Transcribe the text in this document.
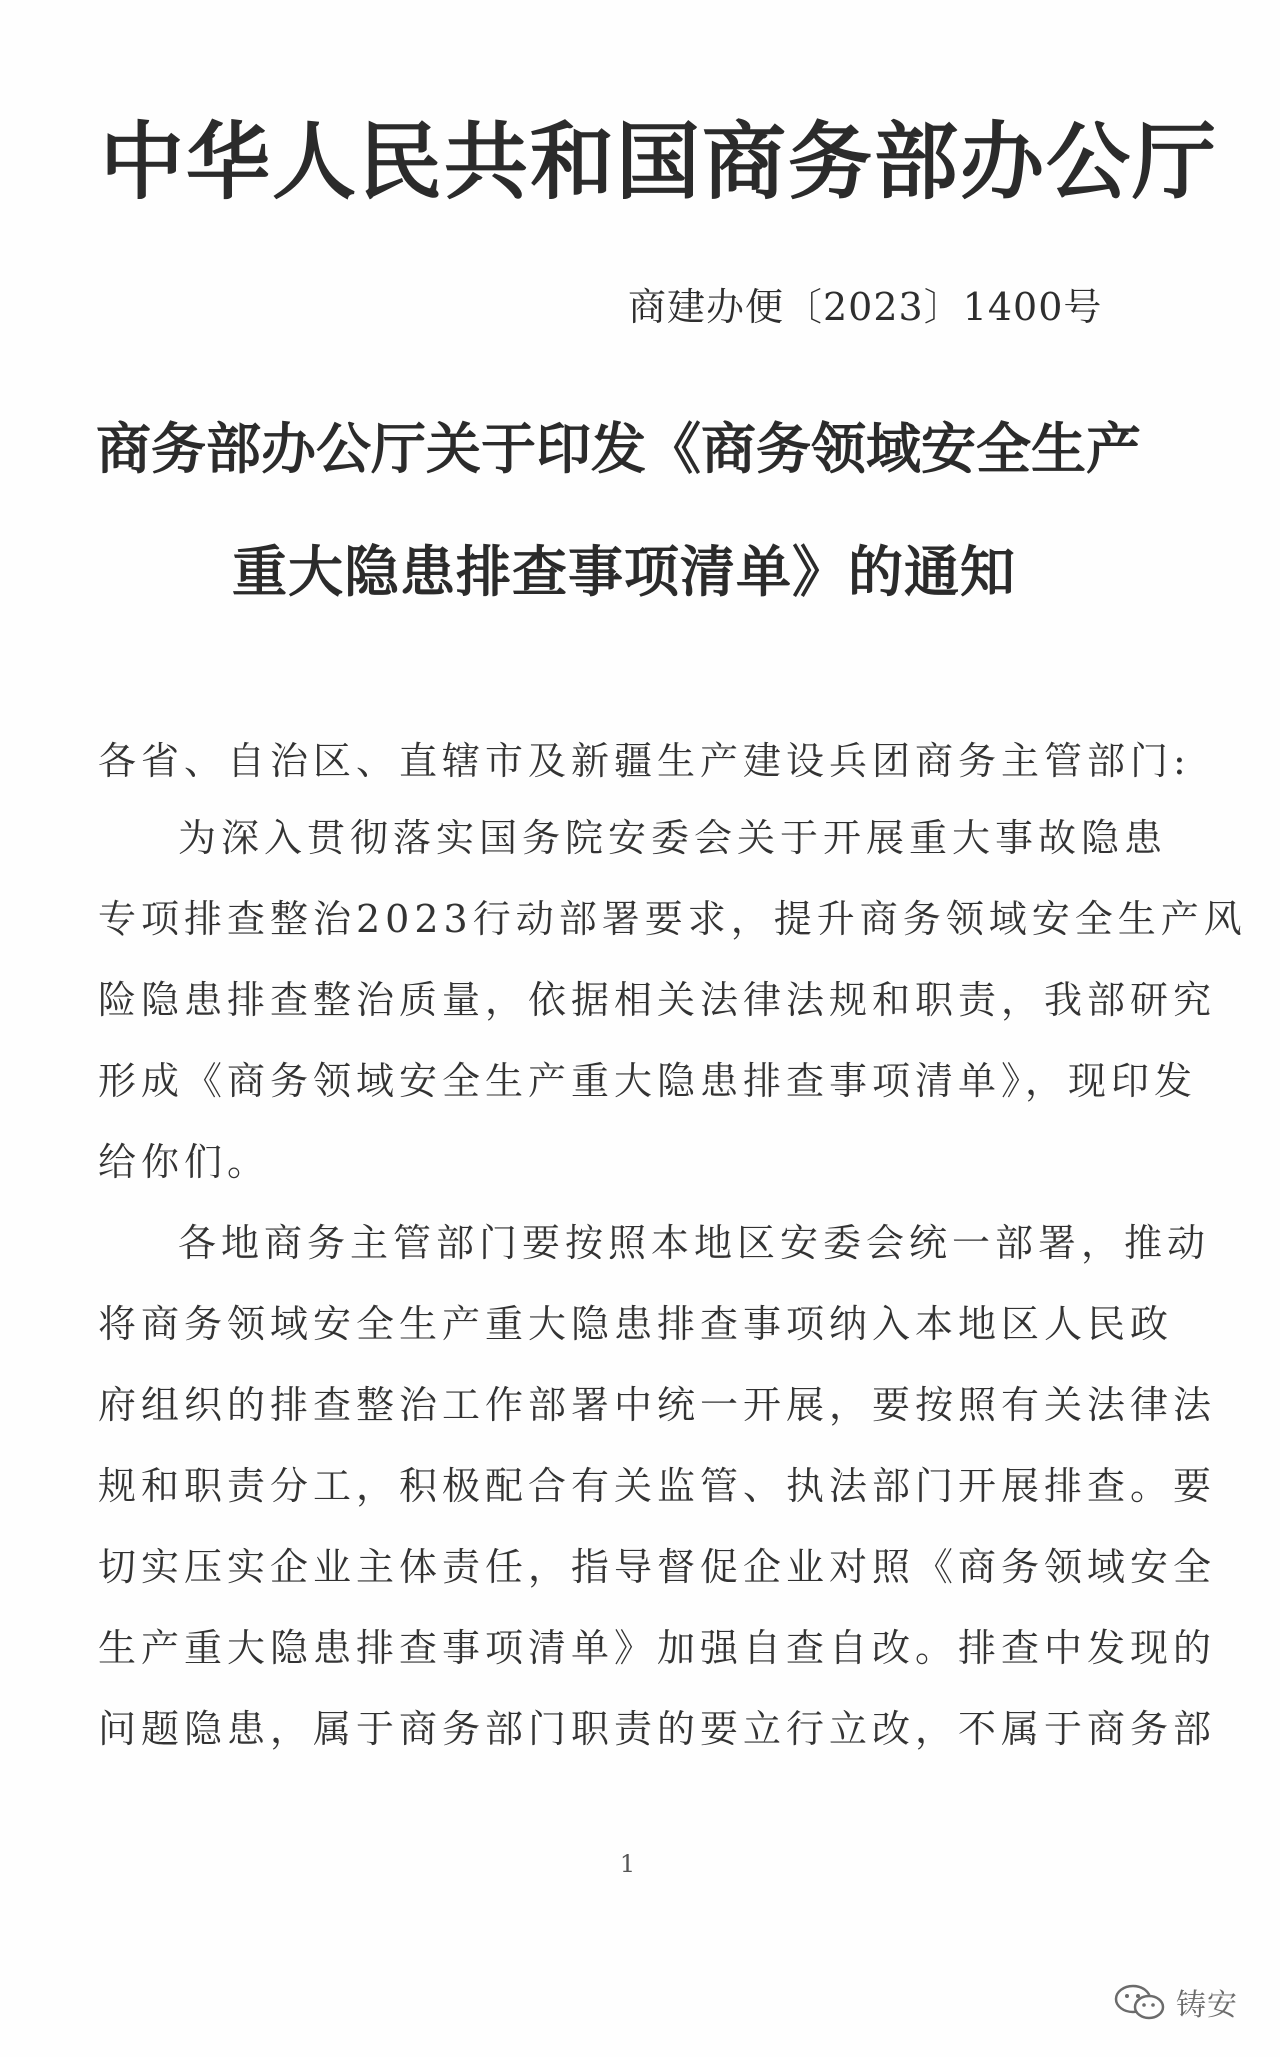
中华人民共和国商务部办公厅
商建办便〔2023〕1400号
商务部办公厅关于印发《商务领域安全生产
重大隐患排查事项清单》的通知
各省、自治区、直辖市及新疆生产建设兵团商务主管部门:
为深入贯彻落实国务院安委会关于开展重大事故隐患
专项排查整治2023行动部署要求，提升商务领域安全生产风
险隐患排查整治质量，依据相关法律法规和职责，我部研究
形成《商务领域安全生产重大隐患排查事项清单》，现印发
给你们。
各地商务主管部门要按照本地区安委会统一部署，推动
将商务领域安全生产重大隐患排查事项纳入本地区人民政
府组织的排查整治工作部署中统一开展，要按照有关法律法
规和职责分工，积极配合有关监管、执法部门开展排查。要
切实压实企业主体责任，指导督促企业对照《商务领域安全
生产重大隐患排查事项清单》加强自查自改。排查中发现的
问题隐患，属于商务部门职责的要立行立改，不属于商务部
1
铸安
